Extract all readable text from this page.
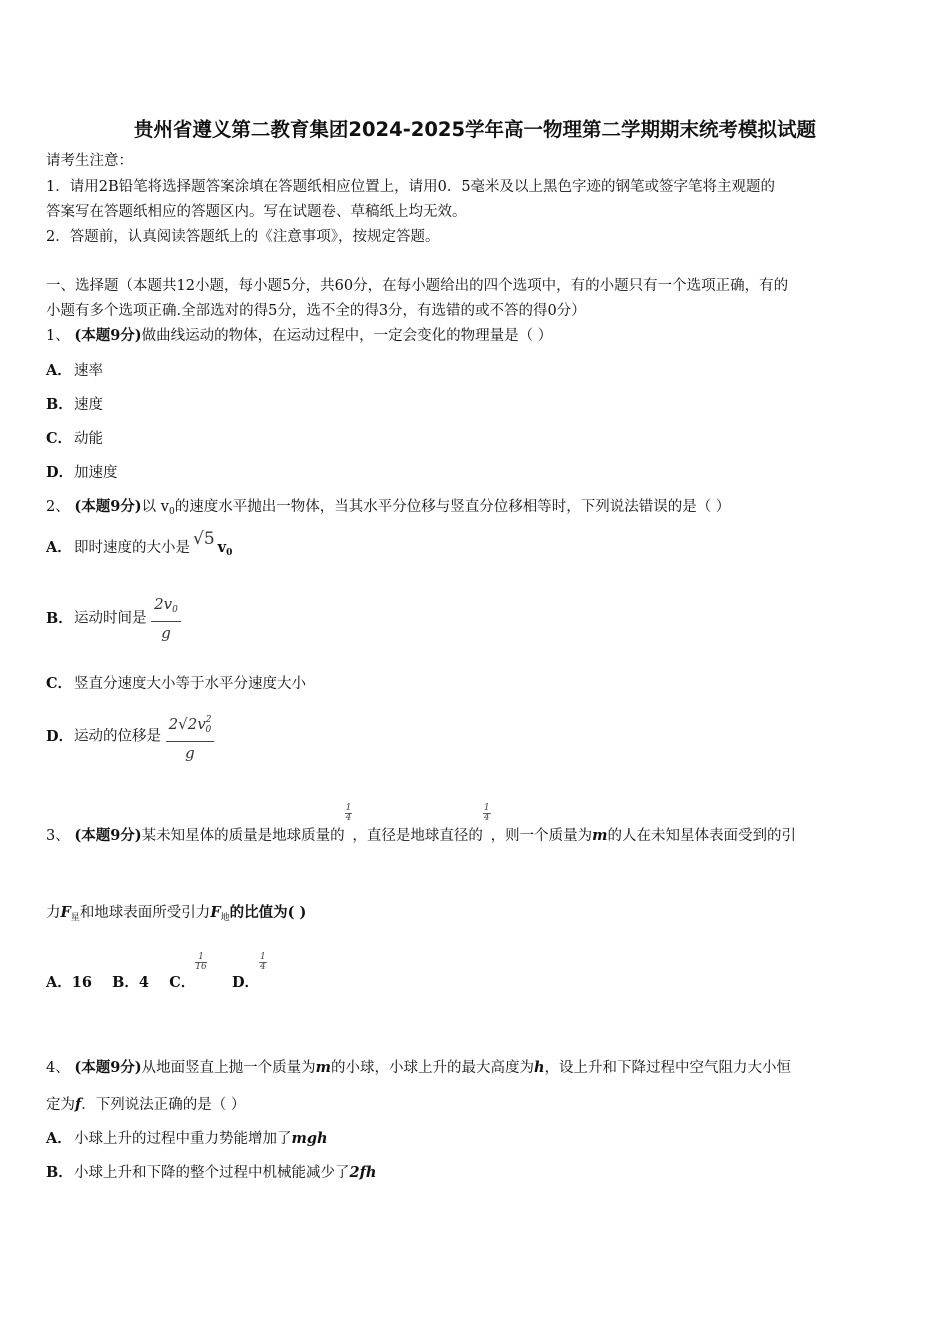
贵州省遵义第二教育集团2024-2025学年高一物理第二学期期末统考模拟试题
请考生注意：
1．请用2B铅笔将选择题答案涂填在答题纸相应位置上，请用0．5毫米及以上黑色字迹的钢笔或签字笔将主观题的
答案写在答题纸相应的答题区内。写在试题卷、草稿纸上均无效。
2．答题前，认真阅读答题纸上的《注意事项》，按规定答题。
一、选择题（本题共12小题，每小题5分，共60分，在每小题给出的四个选项中，有的小题只有一个选项正确，有的
小题有多个选项正确.全部选对的得5分，选不全的得3分，有选错的或不答的得0分）
1、 (本题9分)做曲线运动的物体，在运动过程中，一定会变化的物理量是（ ）
A． 速率
B．速度
C． 动能
D．加速度
2、 (本题9分)以 $v_0$的速度水平抛出一物体，当其水平分位移与竖直分位移相等时，下列说法错误的是（ ）
A． 即时速度的大小是 √5 $v_0$
B．运动时间是 $\frac{2v_0}{g}$
C． 竖直分速度大小等于水平分速度大小
D．运动的位移是 $\frac{2√2v^2_0}{g}$
3、 (本题9分)某未知星体的质量是地球质量的
$\frac{1}{4}$，直径是地球直径的
$\frac{1}{4}$，则一个质量为m的人在未知星体表面受到的引
力$F_星$和地球表面所受引力$F_地$的比值为( )
A．16 B．4 C．
$\frac{1}{16}$     D．
$\frac{1}{4}$
4、 (本题9分)从地面竖直上抛一个质量为m的小球，小球上升的最大高度为h，设上升和下降过程中空气阻力大小恒
定为f．下列说法正确的是（ ）
A． 小球上升的过程中重力势能增加了mgh
B．小球上升和下降的整个过程中机械能减少了2fh
